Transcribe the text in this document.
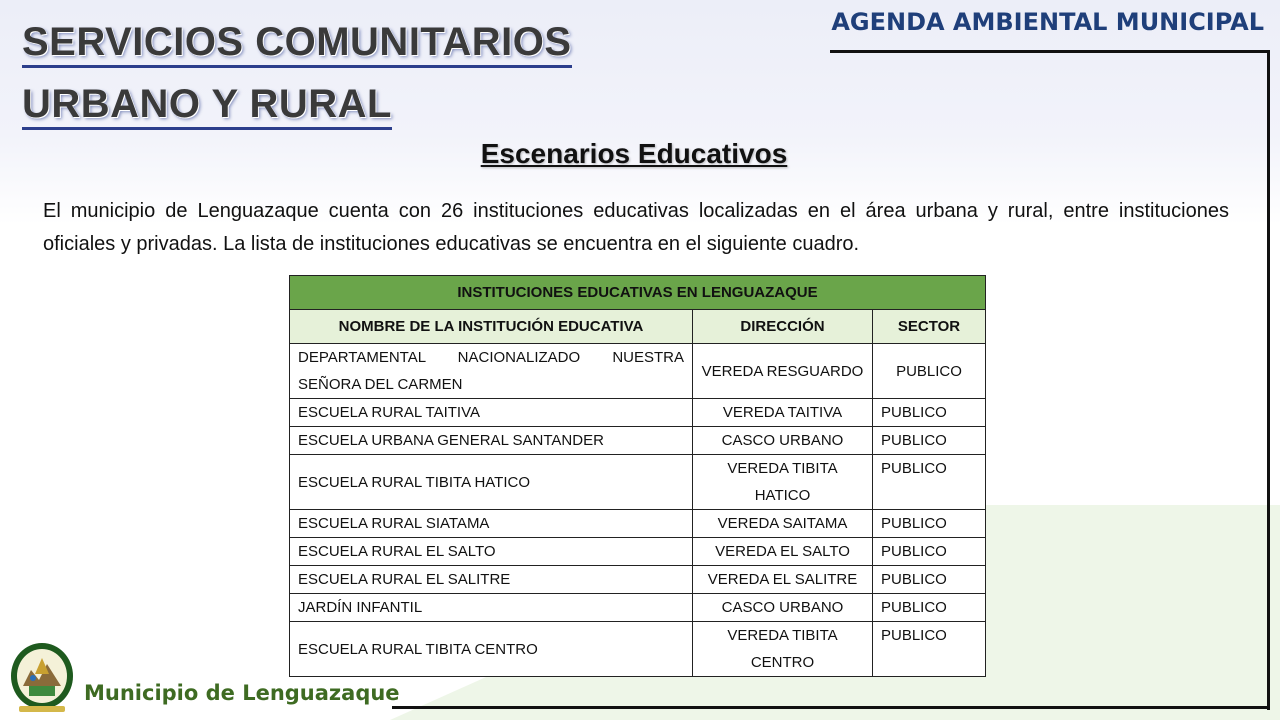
SERVICIOS COMUNITARIOS
URBANO Y RURAL
AGENDA AMBIENTAL MUNICIPAL
Escenarios Educativos

El municipio de Lenguazaque cuenta con 26 instituciones educativas localizadas en el área urbana y rural, entre instituciones oficiales y privadas. La lista de instituciones educativas se encuentra en el siguiente cuadro.

INSTITUCIONES EDUCATIVAS EN LENGUAZAQUE		
NOMBRE DE LA INSTITUCIÓN EDUCATIVA	DIRECCIÓN	SECTOR
DEPARTAMENTAL NACIONALIZADO NUESTRA SEÑORA DEL CARMEN	VEREDA RESGUARDO	PUBLICO
ESCUELA RURAL TAITIVA	VEREDA TAITIVA	PUBLICO
ESCUELA URBANA GENERAL SANTANDER	CASCO URBANO	PUBLICO
ESCUELA RURAL TIBITA HATICO	VEREDA TIBITA HATICO	PUBLICO
ESCUELA RURAL SIATAMA	VEREDA SAITAMA	PUBLICO
ESCUELA RURAL EL SALTO	VEREDA EL SALTO	PUBLICO
ESCUELA RURAL EL SALITRE	VEREDA EL SALITRE	PUBLICO
JARDÍN INFANTIL	CASCO URBANO	PUBLICO
ESCUELA RURAL TIBITA CENTRO	VEREDA TIBITA CENTRO	PUBLICO
Municipio de Lenguazaque
